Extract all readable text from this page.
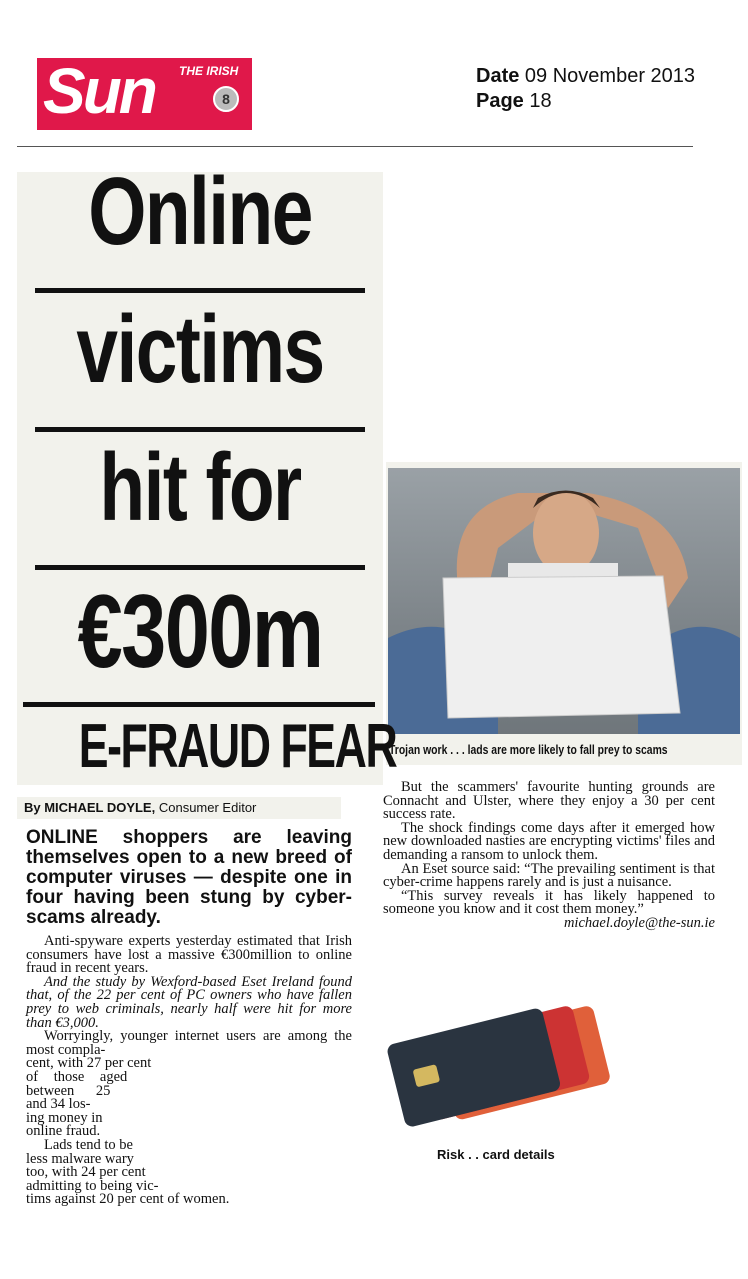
Sun THE IRISH
8
Date 09 November 2013
Page 18
Online
victims
hit for
€300m
E-FRAUD FEAR
Trojan work . . . lads are more likely to fall prey to scams
By MICHAEL DOYLE, Consumer Editor
ONLINE shoppers are leaving themselves open to a new breed of computer viruses — despite one in four having been stung by cyber-scams already.

Anti-spyware experts yesterday estimated that Irish consumers have lost a massive €300million to online fraud in recent years.

And the study by Wexford-based Eset Ireland found that, of the 22 per cent of PC owners who have fallen prey to web criminals, nearly half were hit for more than €3,000.

Worryingly, younger internet users are among the most compla-

cent, with 27 per cent

of those aged

between 25

and 34 los-

ing money in

online fraud.

Lads tend to be

less malware wary

too, with 24 per cent

admitting to being vic-

tims against 20 per cent of women.

But the scammers' favourite hunting grounds are Connacht and Ulster, where they enjoy a 30 per cent success rate.

The shock findings come days after it emerged how new downloaded nasties are encrypting victims' files and demanding a ransom to unlock them.

An Eset source said: “The prevailing sentiment is that cyber-crime happens rarely and is just a nuisance.

“This survey reveals it has likely happened to someone you know and it cost them money.”

michael.doyle@the-sun.ie

Risk . . card details
